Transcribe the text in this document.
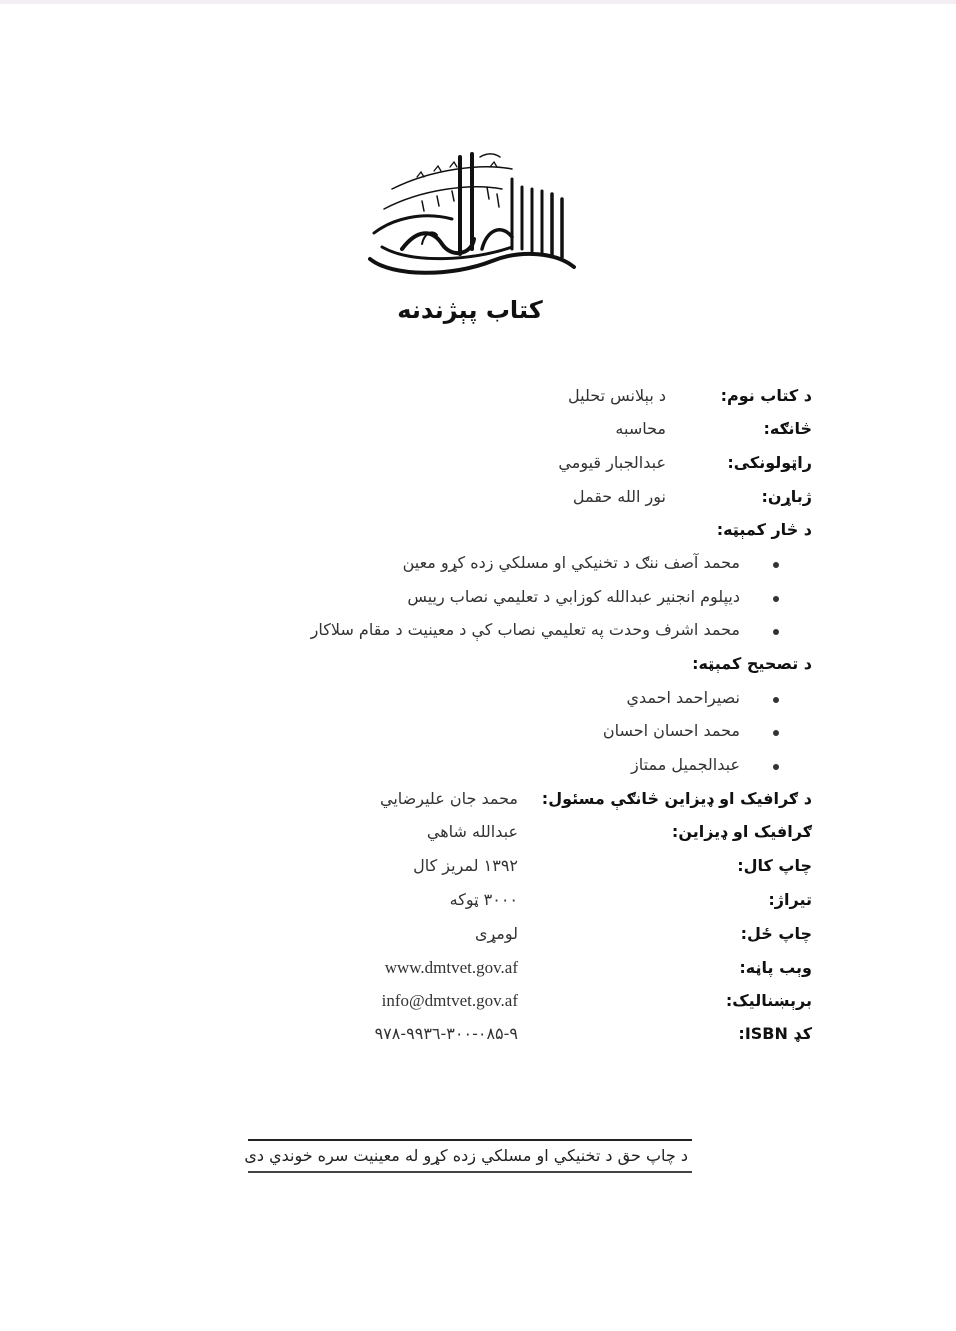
کتاب پېژندنه
د کتاب نوم:
د بېلانس تحلیل
څانګه:
محاسبه
راټولونکی:
عبدالجبار قیومي
ژباړن:
نور الله حقمل
د څار کمېټه:
محمد آصف ننګ د تخنیکي او مسلکي زده کړو معین
دیپلوم انجنیر عبدالله کوزابي د تعلیمي نصاب رییس
محمد اشرف وحدت په تعلیمي نصاب کې د معینیت د مقام سلاکار
د تصحیح کمېټه:
نصیراحمد احمدي
محمد احسان احسان
عبدالجمیل ممتاز
د ګرافیک او ډیزاین څانګې مسئول:
محمد جان علیرضایي
ګرافیک او ډیزاین:
عبدالله شاهي
چاپ کال:
۱۳۹۲ لمریز کال
تیراژ:
۳۰۰۰ ټوکه
چاپ ځل:
لومړی
وېب پاڼه:
www.dmtvet.gov.af
برېښنالیک:
info@dmtvet.gov.af
کډ ISBN:
۹۷۸-۹۹۳٦-۳۰۰-۰۸۵-۹
د چاپ حق د تخنیکي او مسلکي زده کړو له معینیت سره خوندي دی
